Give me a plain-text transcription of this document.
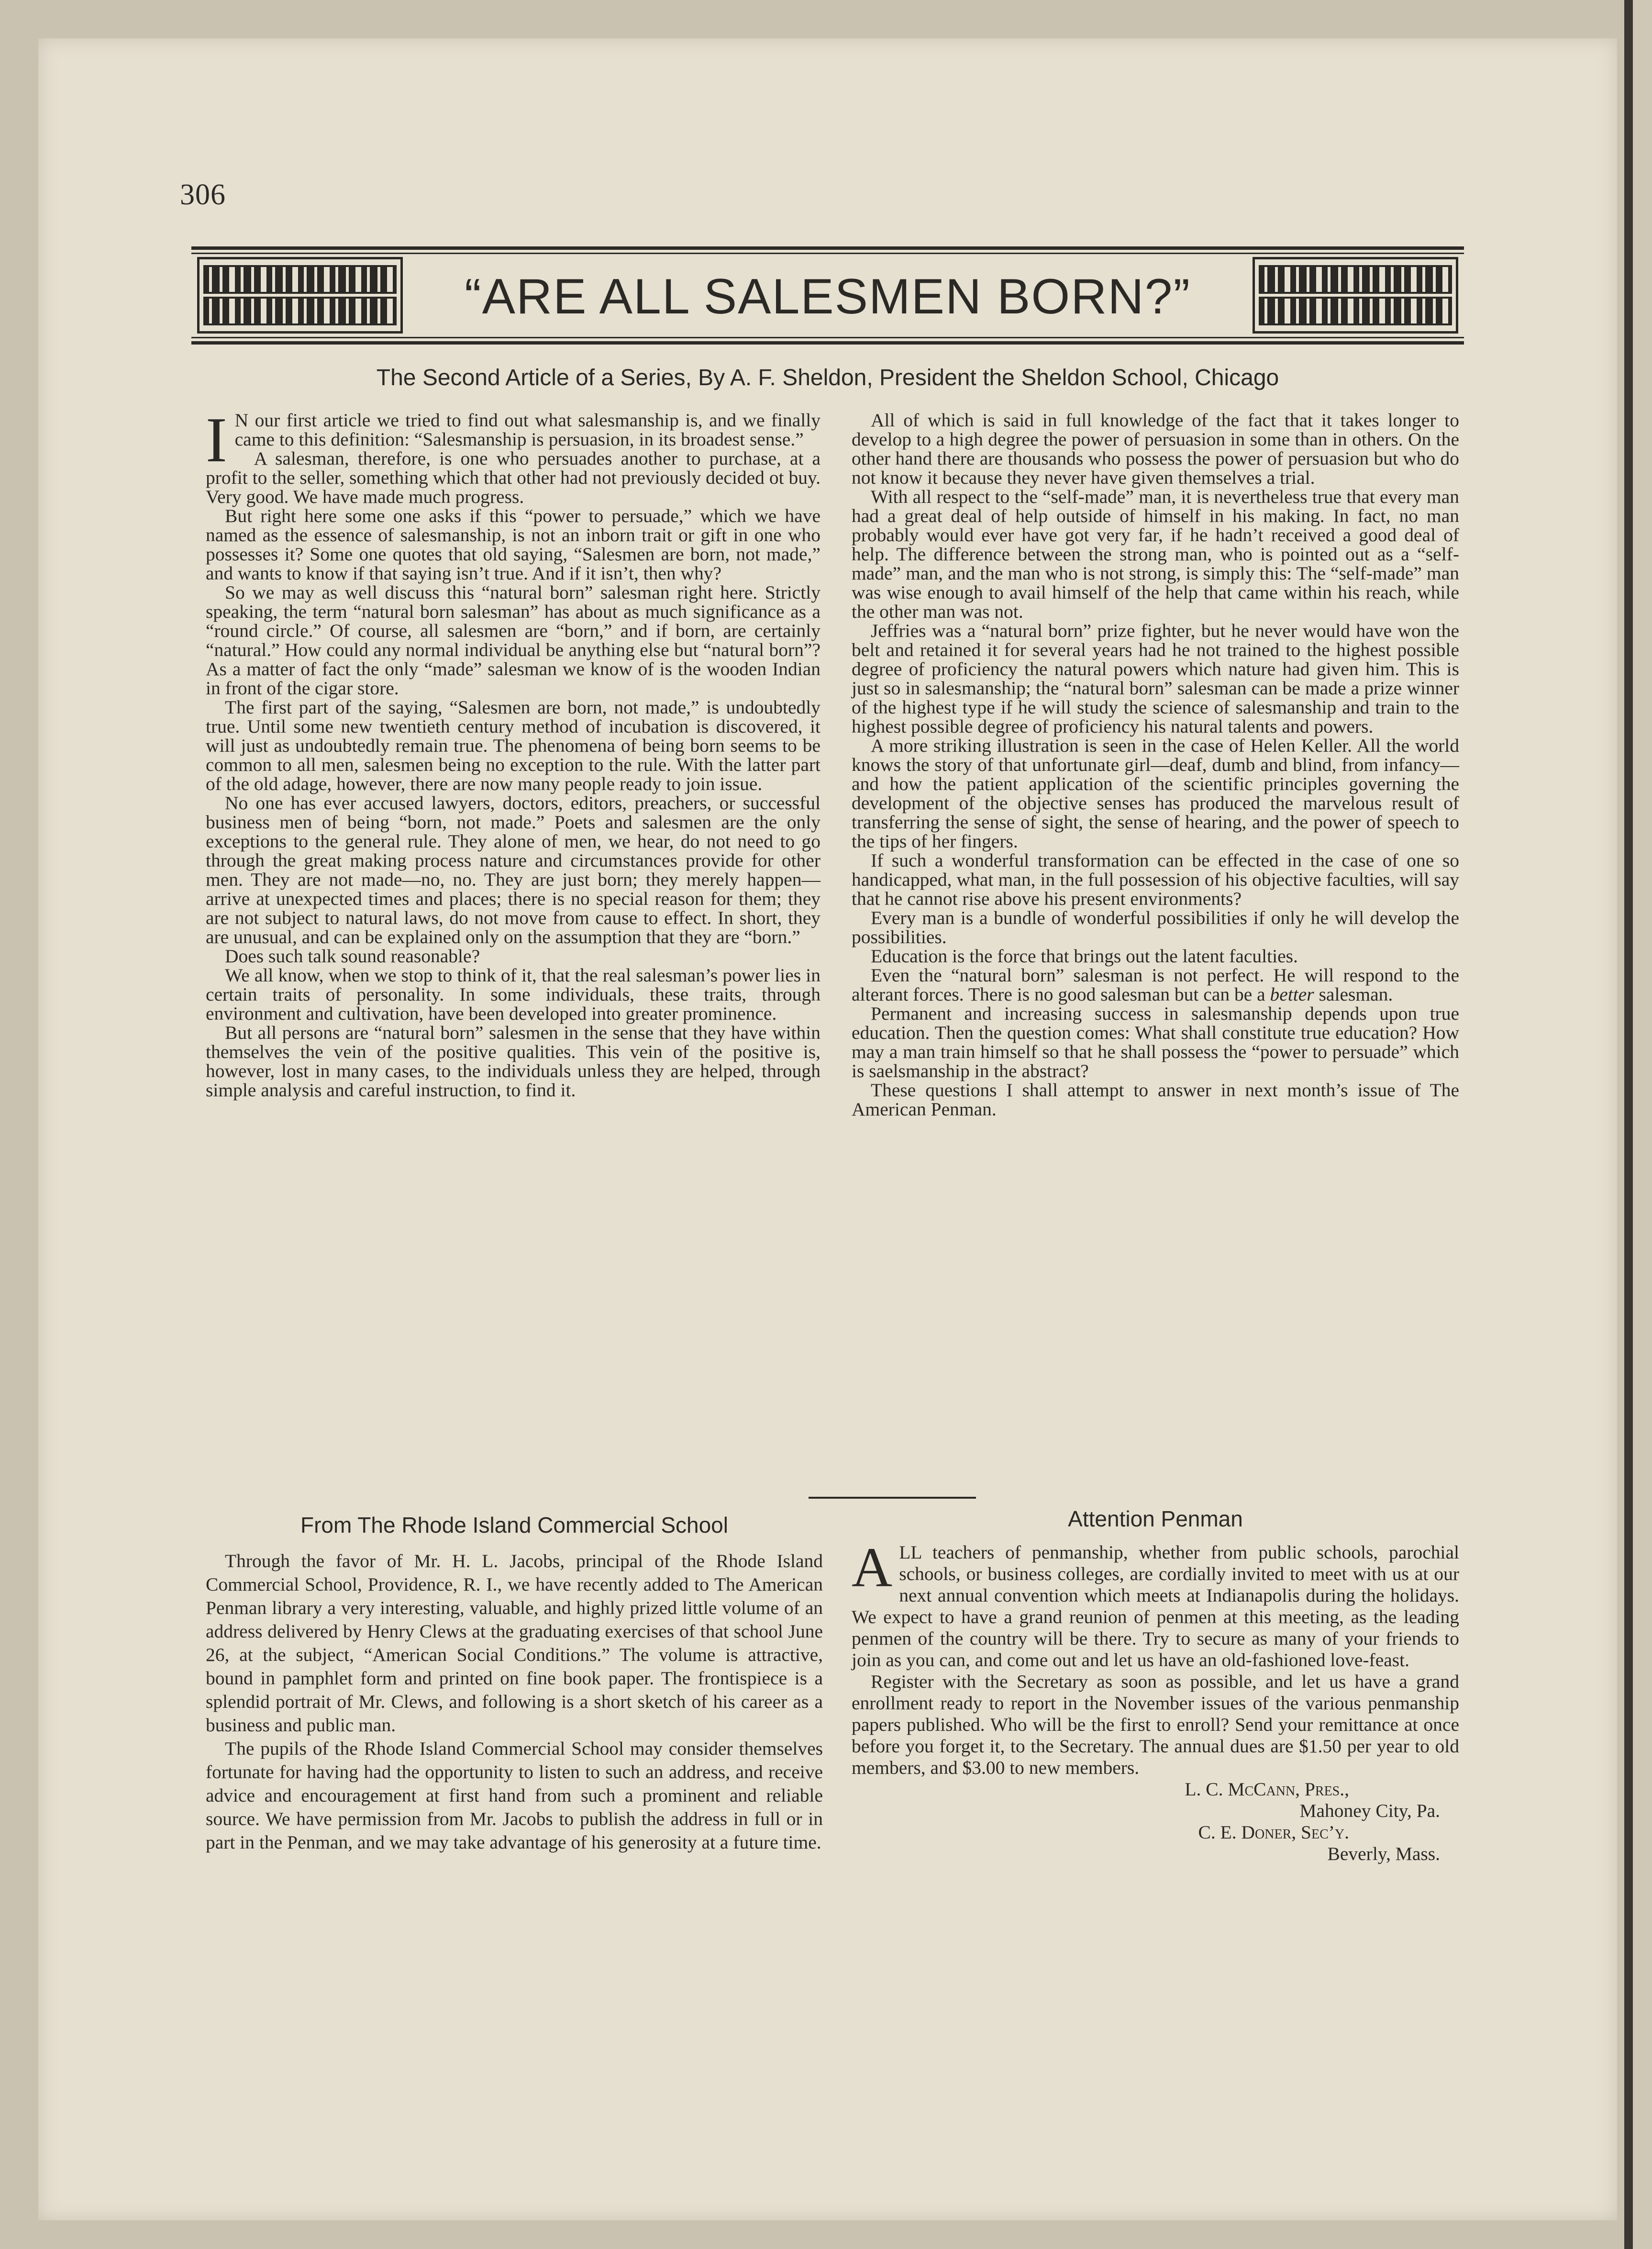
306
“ARE ALL SALESMEN BORN?”
The Second Article of a Series, By A. F. Sheldon, President the Sheldon School, Chicago

I N our first article we tried to find out what salesmanship is, and we finally came to this definition: “Salesmanship is persuasion, in its broadest sense.”

A salesman, therefore, is one who persuades another to purchase, at a profit to the seller, something which that other had not previously decided ot buy. Very good. We have made much progress.

But right here some one asks if this “power to persuade,” which we have named as the essence of salesmanship, is not an inborn trait or gift in one who possesses it? Some one quotes that old saying, “Salesmen are born, not made,” and wants to know if that saying isn’t true. And if it isn’t, then why?

So we may as well discuss this “natural born” salesman right here. Strictly speaking, the term “natural born salesman” has about as much significance as a “round circle.” Of course, all salesmen are “born,” and if born, are certainly “natural.” How could any normal individual be anything else but “natural born”? As a matter of fact the only “made” salesman we know of is the wooden Indian in front of the cigar store.

The first part of the saying, “Salesmen are born, not made,” is undoubtedly true. Until some new twentieth century method of incubation is discovered, it will just as undoubtedly remain true. The phenomena of being born seems to be common to all men, salesmen being no exception to the rule. With the latter part of the old adage, however, there are now many people ready to join issue.

No one has ever accused lawyers, doctors, editors, preachers, or successful business men of being “born, not made.” Poets and salesmen are the only exceptions to the general rule. They alone of men, we hear, do not need to go through the great making process nature and circumstances provide for other men. They are not made—no, no. They are just born; they merely happen—arrive at unexpected times and places; there is no special reason for them; they are not subject to natural laws, do not move from cause to effect. In short, they are unusual, and can be explained only on the assumption that they are “born.”

Does such talk sound reasonable?

We all know, when we stop to think of it, that the real salesman’s power lies in certain traits of personality. In some individuals, these traits, through environment and cultivation, have been developed into greater prominence.

But all persons are “natural born” salesmen in the sense that they have within themselves the vein of the positive qualities. This vein of the positive is, however, lost in many cases, to the individuals unless they are helped, through simple analysis and careful instruction, to find it.

All of which is said in full knowledge of the fact that it takes longer to develop to a high degree the power of persuasion in some than in others. On the other hand there are thousands who possess the power of persuasion but who do not know it because they never have given themselves a trial.

With all respect to the “self-made” man, it is nevertheless true that every man had a great deal of help outside of himself in his making. In fact, no man probably would ever have got very far, if he hadn’t received a good deal of help. The difference between the strong man, who is pointed out as a “self-made” man, and the man who is not strong, is simply this: The “self-made” man was wise enough to avail himself of the help that came within his reach, while the other man was not.

Jeffries was a “natural born” prize fighter, but he never would have won the belt and retained it for several years had he not trained to the highest possible degree of proficiency the natural powers which nature had given him. This is just so in salesmanship; the “natural born” salesman can be made a prize winner of the highest type if he will study the science of salesmanship and train to the highest possible degree of proficiency his natural talents and powers.

A more striking illustration is seen in the case of Helen Keller. All the world knows the story of that unfortunate girl—deaf, dumb and blind, from infancy—and how the patient application of the scientific principles governing the development of the objective senses has produced the marvelous result of transferring the sense of sight, the sense of hearing, and the power of speech to the tips of her fingers.

If such a wonderful transformation can be effected in the case of one so handicapped, what man, in the full possession of his objective faculties, will say that he cannot rise above his present environments?

Every man is a bundle of wonderful possibilities if only he will develop the possibilities.

Education is the force that brings out the latent faculties.

Even the “natural born” salesman is not perfect. He will respond to the alterant forces. There is no good salesman but can be a better salesman.

Permanent and increasing success in salesmanship depends upon true education. Then the question comes: What shall constitute true education? How may a man train himself so that he shall possess the “power to persuade” which is saelsmanship in the abstract?

These questions I shall attempt to answer in next month’s issue of The American Penman.

From The Rhode Island Commercial School

Through the favor of Mr. H. L. Jacobs, principal of the Rhode Island Commercial School, Providence, R. I., we have recently added to The American Penman library a very interesting, valuable, and highly prized little volume of an address delivered by Henry Clews at the graduating exercises of that school June 26, at the subject, “American Social Conditions.” The volume is attractive, bound in pamphlet form and printed on fine book paper. The frontispiece is a splendid portrait of Mr. Clews, and following is a short sketch of his career as a business and public man.

The pupils of the Rhode Island Commercial School may consider themselves fortunate for having had the opportunity to listen to such an address, and receive advice and encouragement at first hand from such a prominent and reliable source. We have permission from Mr. Jacobs to publish the address in full or in part in the Penman, and we may take advantage of his generosity at a future time.

Attention Penman

ALL teachers of penmanship, whether from public schools, parochial schools, or business colleges, are cordially invited to meet with us at our next annual convention which meets at Indianapolis during the holidays. We expect to have a grand reunion of penmen at this meeting, as the leading penmen of the country will be there. Try to secure as many of your friends to join as you can, and come out and let us have an old-fashioned love-feast.

Register with the Secretary as soon as possible, and let us have a grand enrollment ready to report in the November issues of the various penmanship papers published. Who will be the first to enroll? Send your remittance at once before you forget it, to the Secretary. The annual dues are $1.50 per year to old members, and $3.00 to new members.

L. C. McCann, Pres.,

Mahoney City, Pa.

C. E. Doner, Sec’y.

Beverly, Mass.
